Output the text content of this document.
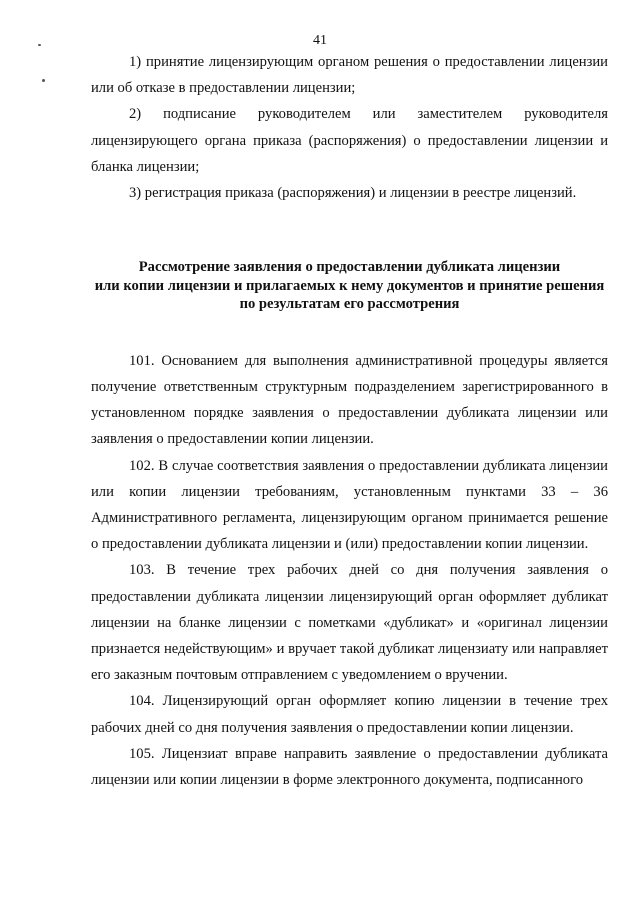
41

1) принятие лицензирующим органом решения о предоставлении лицензии или об отказе в предоставлении лицензии;

2) подписание руководителем или заместителем руководителя лицензирующего органа приказа (распоряжения) о предоставлении лицензии и бланка лицензии;

3) регистрация приказа (распоряжения) и лицензии в реестре лицензий.

Рассмотрение заявления о предоставлении дубликата лицензии
или копии лицензии и прилагаемых к нему документов и принятие решения
по результатам его рассмотрения

101. Основанием для выполнения административной процедуры является получение ответственным структурным подразделением зарегистрированного в установленном порядке заявления о предоставлении дубликата лицензии или заявления о предоставлении копии лицензии.

102. В случае соответствия заявления о предоставлении дубликата лицензии или копии лицензии требованиям, установленным пунктами 33 – 36 Административного регламента, лицензирующим органом принимается решение о предоставлении дубликата лицензии и (или) предоставлении копии лицензии.

103. В течение трех рабочих дней со дня получения заявления о предоставлении дубликата лицензии лицензирующий орган оформляет дубликат лицензии на бланке лицензии с пометками «дубликат» и «оригинал лицензии признается недействующим» и вручает такой дубликат лицензиату или направляет его заказным почтовым отправлением с уведомлением о вручении.

104. Лицензирующий орган оформляет копию лицензии в течение трех рабочих дней со дня получения заявления о предоставлении копии лицензии.

105. Лицензиат вправе направить заявление о предоставлении дубликата лицензии или копии лицензии в форме электронного документа, подписанного
